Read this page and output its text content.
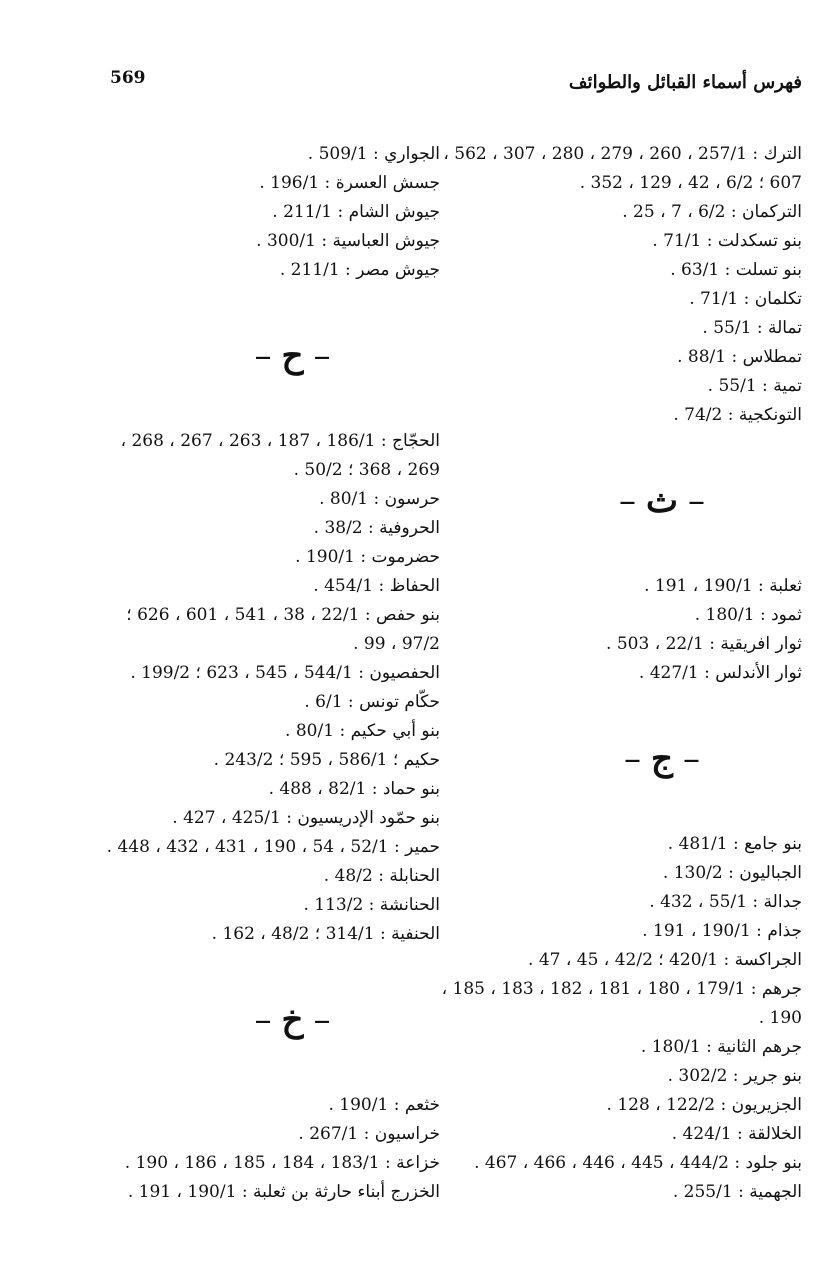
569	فهرس أسماء القبائل والطوائف
الترك : 257/1 ، 260 ، 279 ، 280 ، 307 ، 562 ،
607 ؛ 6/2 ، 42 ، 129 ، 352 .
التركمان : 6/2 ، 7 ، 25 .
بنو تسكدلت : 71/1 .
بنو تسلت : 63/1 .
تكلمان : 71/1 .
تمالة : 55/1 .
تمطلاس : 88/1 .
تمية : 55/1 .
التونكجية : 74/2 .
–ث–
ثعلبة : 190/1 ، 191 .
ثمود : 180/1 .
ثوار افريقية : 22/1 ، 503 .
ثوار الأندلس : 427/1 .
–ج–
بنو جامع : 481/1 .
الجباليون : 130/2 .
جدالة : 55/1 ، 432 .
جذام : 190/1 ، 191 .
الجراكسة : 420/1 ؛ 42/2 ، 45 ، 47 .
جرهم : 179/1 ، 180 ، 181 ، 182 ، 183 ، 185 ،
190 .
جرهم الثانية : 180/1 .
بنو جرير : 302/2 .
الجزيريون : 122/2 ، 128 .
الخلالقة : 424/1 .
بنو جلود : 444/2 ، 445 ، 446 ، 466 ، 467 .
الجهمية : 255/1 .
الجواري : 509/1 .
جسش العسرة : 196/1 .
جيوش الشام : 211/1 .
جيوش العباسية : 300/1 .
جيوش مصر : 211/1 .
–ح–
الحجّاج : 186/1 ، 187 ، 263 ، 267 ، 268 ،
269 ، 368 ؛ 50/2 .
حرسون : 80/1 .
الحروفية : 38/2 .
حضرموت : 190/1 .
الحفاظ : 454/1 .
بنو حفص : 22/1 ، 38 ، 541 ، 601 ، 626 ؛
97/2 ، 99 .
الحفصيون : 544/1 ، 545 ، 623 ؛ 199/2 .
حكّام تونس : 6/1 .
بنو أبي حكيم : 80/1 .
حكيم ؛ 586/1 ، 595 ؛ 243/2 .
بنو حماد : 82/1 ، 488 .
بنو حمّود الإدريسيون : 425/1 ، 427 .
حمير : 52/1 ، 54 ، 190 ، 431 ، 432 ، 448 .
الحنابلة : 48/2 .
الحنانشة : 113/2 .
الحنفية : 314/1 ؛ 48/2 ، 162 .
–خ–
خثعم : 190/1 .
خراسيون : 267/1 .
خزاعة : 183/1 ، 184 ، 185 ، 186 ، 190 .
الخزرج أبناء حارثة بن ثعلبة : 190/1 ، 191 .
